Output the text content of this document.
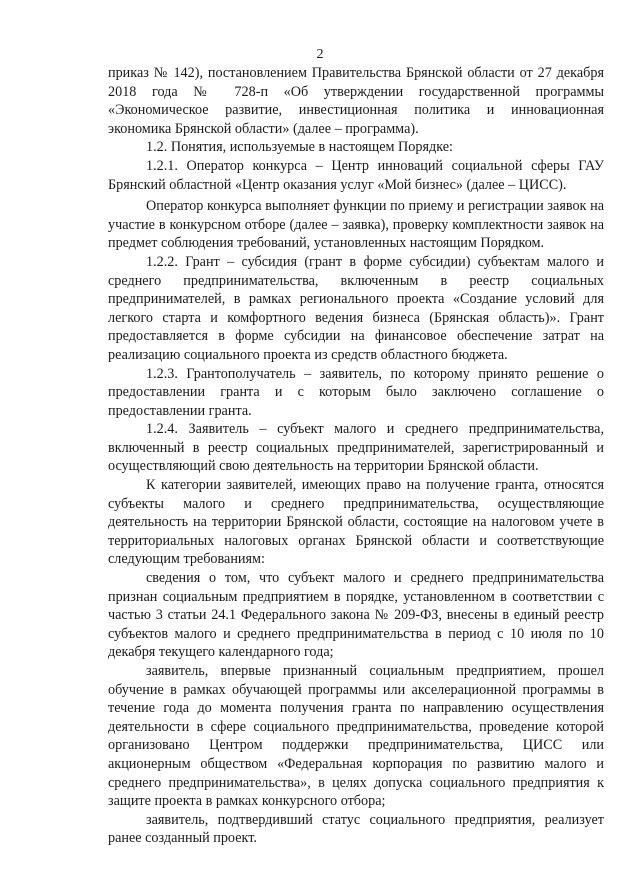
2

приказ № 142), постановлением Правительства Брянской области от 27 декабря 2018 года № 728-п «Об утверждении государственной программы «Экономическое развитие, инвестиционная политика и инновационная экономика Брянской области» (далее – программа).

1.2. Понятия, используемые в настоящем Порядке:

1.2.1. Оператор конкурса – Центр инноваций социальной сферы ГАУ Брянский областной «Центр оказания услуг «Мой бизнес» (далее – ЦИСС).

Оператор конкурса выполняет функции по приему и регистрации заявок на участие в конкурсном отборе (далее – заявка), проверку комплектности заявок на предмет соблюдения требований, установленных настоящим Порядком.

1.2.2. Грант – субсидия (грант в форме субсидии) субъектам малого и среднего предпринимательства, включенным в реестр социальных предпринимателей, в рамках регионального проекта «Создание условий для легкого старта и комфортного ведения бизнеса (Брянская область)». Грант предоставляется в форме субсидии на финансовое обеспечение затрат на реализацию социального проекта из средств областного бюджета.

1.2.3. Грантополучатель – заявитель, по которому принято решение о предоставлении гранта и с которым было заключено соглашение о предоставлении гранта.

1.2.4. Заявитель – субъект малого и среднего предпринимательства, включенный в реестр социальных предпринимателей, зарегистрированный и осуществляющий свою деятельность на территории Брянской области.

К категории заявителей, имеющих право на получение гранта, относятся субъекты малого и среднего предпринимательства, осуществляющие деятельность на территории Брянской области, состоящие на налоговом учете в территориальных налоговых органах Брянской области и соответствующие следующим требованиям:

сведения о том, что субъект малого и среднего предпринимательства признан социальным предприятием в порядке, установленном в соответствии с частью 3 статьи 24.1 Федерального закона № 209-ФЗ, внесены в единый реестр субъектов малого и среднего предпринимательства в период с 10 июля по 10 декабря текущего календарного года;

заявитель, впервые признанный социальным предприятием, прошел обучение в рамках обучающей программы или акселерационной программы в течение года до момента получения гранта по направлению осуществления деятельности в сфере социального предпринимательства, проведение которой организовано Центром поддержки предпринимательства, ЦИСС или акционерным обществом «Федеральная корпорация по развитию малого и среднего предпринимательства», в целях допуска социального предприятия к защите проекта в рамках конкурсного отбора;

заявитель, подтвердивший статус социального предприятия, реализует ранее созданный проект.
